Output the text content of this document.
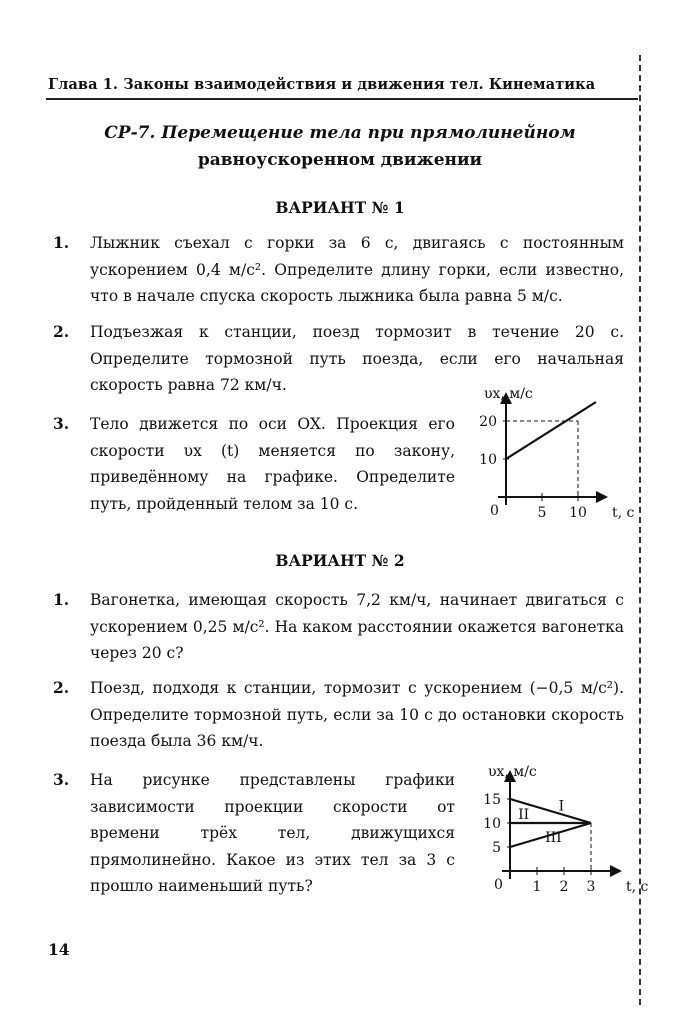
Глава 1. Законы взаимодействия и движения тел. Кинематика
СР-7. Перемещение тела при прямолинейном
равноускоренном движении
ВАРИАНТ № 1
1. Лыжник съехал с горки за 6 с, двигаясь с постоянным ускорением 0,4 м/с². Определите длину горки, если известно, что в начале спуска скорость лыжника была равна 5 м/с.
2. Подъезжая к станции, поезд тормозит в течение 20 с. Определите тормозной путь поезда, если его начальная скорость равна 72 км/ч.
3. Тело движется по оси OX. Проекция его скорости υx (t) меняется по закону, приведённому на графике. Определите путь, пройденный телом за 10 с.
υx, м/с
t, с
0
10
20
5 10
ВАРИАНТ № 2
1. Вагонетка, имеющая скорость 7,2 км/ч, начинает двигаться с ускорением 0,25 м/с². На каком расстоянии окажется вагонетка через 20 с?
2. Поезд, подходя к станции, тормозит с ускорением (−0,5 м/с²). Определите тормозной путь, если за 10 с до остановки скорость поезда была 36 км/ч.
3. На рисунке представлены графики зависимости проекции скорости от времени трёх тел, движущихся прямолинейно. Какое из этих тел за 3 с прошло наименьший путь?
υx, м/с
t, с
0
5
10
15
1 2 3
I
II
III
14
